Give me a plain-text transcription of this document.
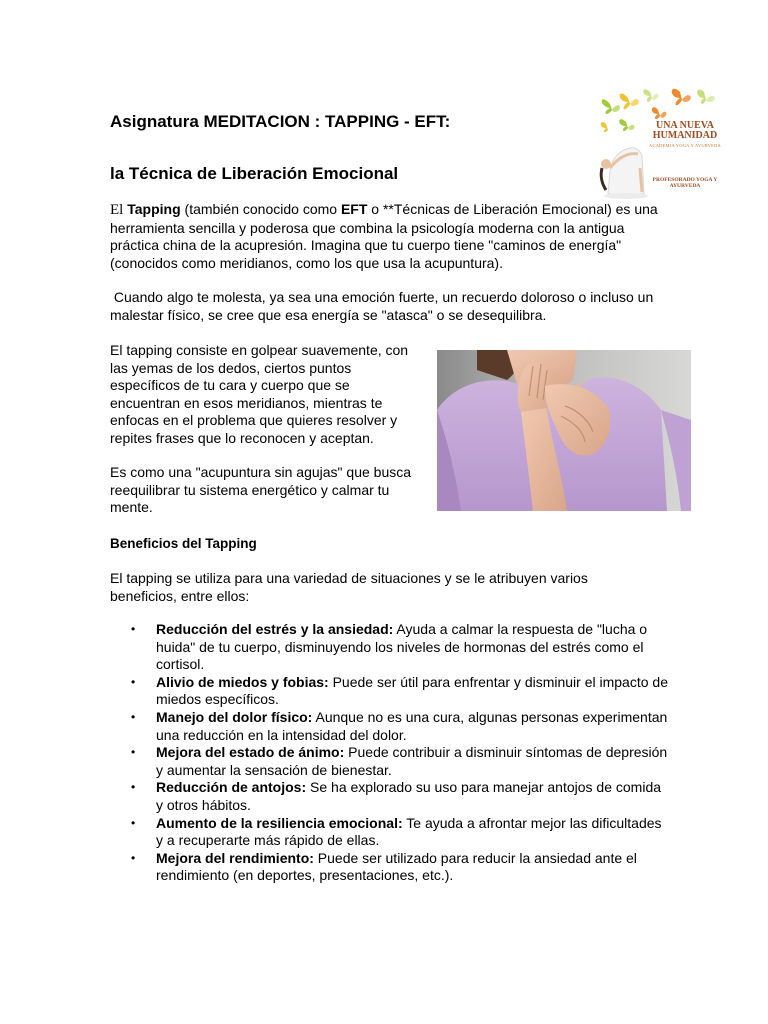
UNA NUEVA HUMANIDAD
ACADEMIA YOGA Y AYURVEDA
PROFESORADO YOGA Y AYURVEDA
Asignatura MEDITACION : TAPPING - EFT:
la Técnica de Liberación Emocional

El Tapping (también conocido como EFT o **Técnicas de Liberación Emocional) es una herramienta sencilla y poderosa que combina la psicología moderna con la antigua práctica china de la acupresión. Imagina que tu cuerpo tiene "caminos de energía" (conocidos como meridianos, como los que usa la acupuntura).

Cuando algo te molesta, ya sea una emoción fuerte, un recuerdo doloroso o incluso un malestar físico, se cree que esa energía se "atasca" o se desequilibra.

El tapping consiste en golpear suavemente, con las yemas de los dedos, ciertos puntos específicos de tu cara y cuerpo que se encuentran en esos meridianos, mientras te enfocas en el problema que quieres resolver y repites frases que lo reconocen y aceptan.

Es como una "acupuntura sin agujas" que busca reequilibrar tu sistema energético y calmar tu mente.

Beneficios del Tapping

El tapping se utiliza para una variedad de situaciones y se le atribuyen varios beneficios, entre ellos:

• Reducción del estrés y la ansiedad: Ayuda a calmar la respuesta de "lucha o huida" de tu cuerpo, disminuyendo los niveles de hormonas del estrés como el cortisol.
• Alivio de miedos y fobias: Puede ser útil para enfrentar y disminuir el impacto de miedos específicos.
• Manejo del dolor físico: Aunque no es una cura, algunas personas experimentan una reducción en la intensidad del dolor.
• Mejora del estado de ánimo: Puede contribuir a disminuir síntomas de depresión y aumentar la sensación de bienestar.
• Reducción de antojos: Se ha explorado su uso para manejar antojos de comida y otros hábitos.
• Aumento de la resiliencia emocional: Te ayuda a afrontar mejor las dificultades y a recuperarte más rápido de ellas.
• Mejora del rendimiento: Puede ser utilizado para reducir la ansiedad ante el rendimiento (en deportes, presentaciones, etc.).
